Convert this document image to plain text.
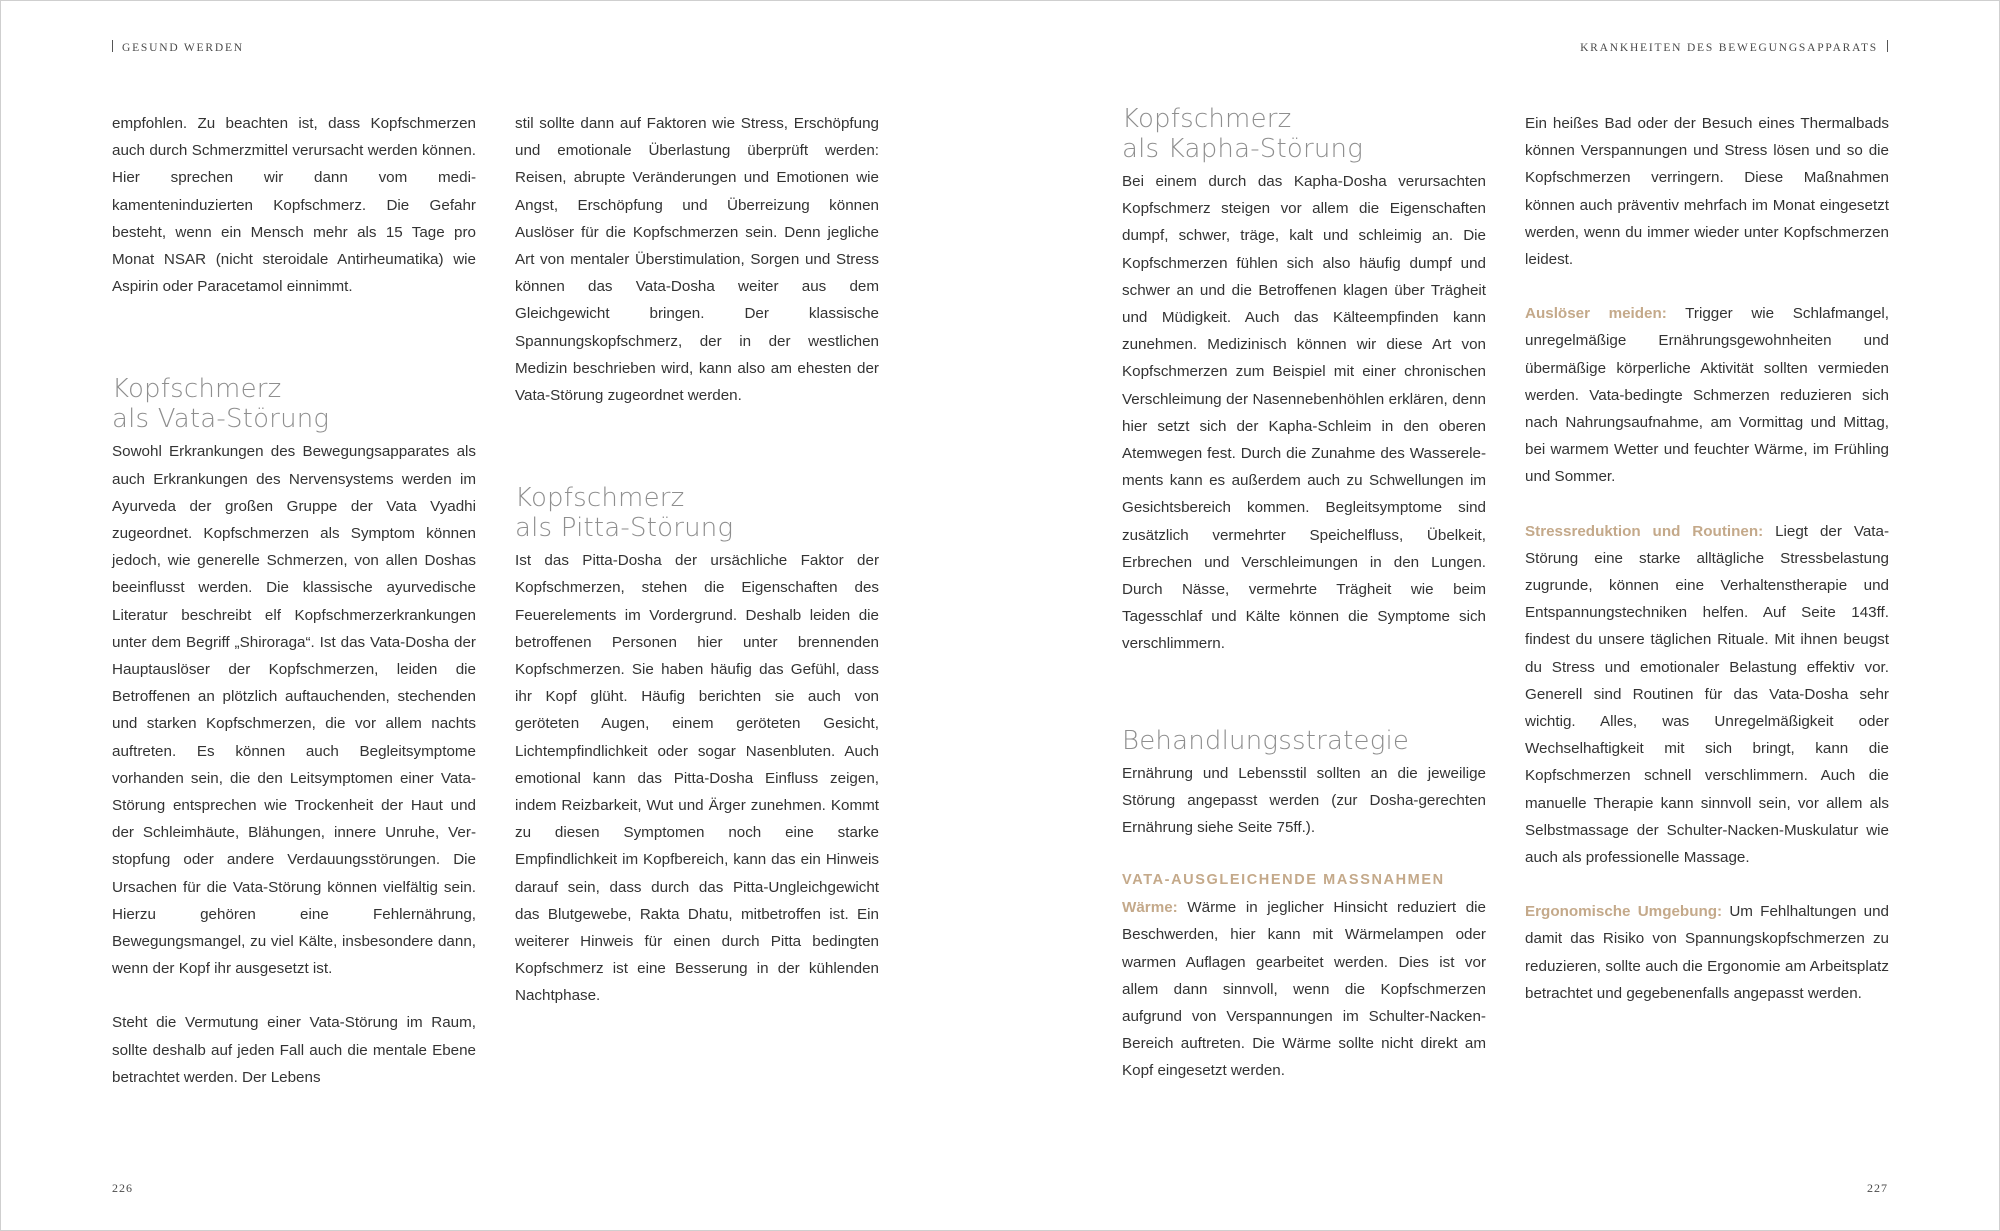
GESUND WERDEN	KRANKHEITEN DES BEWEGUNGSAPPARATS

empfohlen. Zu beachten ist, dass Kopfschmerzen auch durch Schmerzmittel verursacht werden können. Hier sprechen wir dann vom medikamenteninduzierten Kopfschmerz. Die Gefahr besteht, wenn ein Mensch mehr als 15 Tage pro Monat NSAR (nicht steroidale Antirheumatika) wie Aspirin oder Paracetamol einnimmt.

Kopfschmerz
als Vata-Störung

Sowohl Erkrankungen des Bewegungsapparates als auch Erkrankungen des Nervensystems werden im Ayurveda der großen Gruppe der Vata Vyadhi zugeordnet. Kopfschmerzen als Symptom können jedoch, wie generelle Schmerzen, von allen Doshas beeinflusst werden. Die klassische ayurvedische Literatur beschreibt elf Kopfschmerzerkrankungen unter dem Begriff „Shiroraga“. Ist das Vata-Dosha der Hauptauslöser der Kopfschmerzen, leiden die Betroffenen an plötzlich auftauchenden, stechenden und starken Kopfschmerzen, die vor allem nachts auftreten. Es können auch Begleitsymptome vorhanden sein, die den Leitsymptomen einer Vata-Störung entsprechen wie Trockenheit der Haut und der Schleimhäute, Blähungen, innere Unruhe, Verstopfung oder andere Verdauungsstörungen. Die Ursachen für die Vata-Störung können vielfältig sein. Hierzu gehören eine Fehlernährung, Bewegungsmangel, zu viel Kälte, insbesondere dann, wenn der Kopf ihr ausgesetzt ist.

Steht die Vermutung einer Vata-Störung im Raum, sollte deshalb auf jeden Fall auch die mentale Ebene betrachtet werden. Der Lebens

stil sollte dann auf Faktoren wie Stress, Erschöpfung und emotionale Überlastung überprüft werden: Reisen, abrupte Veränderungen und Emotionen wie Angst, Erschöpfung und Überreizung können Auslöser für die Kopfschmerzen sein. Denn jegliche Art von mentaler Überstimulation, Sorgen und Stress können das Vata-Dosha weiter aus dem Gleichgewicht bringen. Der klassische Spannungskopfschmerz, der in der westlichen Medizin beschrieben wird, kann also am ehesten der Vata-Störung zugeordnet werden.

Kopfschmerz
als Pitta-Störung

Ist das Pitta-Dosha der ursächliche Faktor der Kopfschmerzen, stehen die Eigenschaften des Feuerelements im Vordergrund. Deshalb leiden die betroffenen Personen hier unter brennenden Kopfschmerzen. Sie haben häufig das Gefühl, dass ihr Kopf glüht. Häufig berichten sie auch von geröteten Augen, einem geröteten Gesicht, Lichtempfindlichkeit oder sogar Nasenbluten. Auch emotional kann das Pitta-Dosha Einfluss zeigen, indem Reizbarkeit, Wut und Ärger zunehmen. Kommt zu diesen Symptomen noch eine starke Empfindlichkeit im Kopfbereich, kann das ein Hinweis darauf sein, dass durch das Pitta-Ungleichgewicht das Blutgewebe, Rakta Dhatu, mitbetroffen ist. Ein weiterer Hinweis für einen durch Pitta bedingten Kopfschmerz ist eine Besserung in der kühlenden Nachtphase.

Kopfschmerz
als Kapha-Störung

Bei einem durch das Kapha-Dosha verursachten Kopfschmerz steigen vor allem die Eigenschaften dumpf, schwer, träge, kalt und schleimig an. Die Kopfschmerzen fühlen sich also häufig dumpf und schwer an und die Betroffenen klagen über Trägheit und Müdigkeit. Auch das Kälteempfinden kann zunehmen. Medizinisch können wir diese Art von Kopfschmerzen zum Beispiel mit einer chronischen Verschleimung der Nasennebenhöhlen erklären, denn hier setzt sich der Kapha-Schleim in den oberen Atemwegen fest. Durch die Zunahme des Wasserelements kann es außerdem auch zu Schwellungen im Gesichtsbereich kommen. Begleitsymptome sind zusätzlich vermehrter Speichelfluss, Übelkeit, Erbrechen und Verschleimungen in den Lungen. Durch Nässe, vermehrte Trägheit wie beim Tagesschlaf und Kälte können die Symptome sich verschlimmern.

Behandlungsstrategie

Ernährung und Lebensstil sollten an die jeweilige Störung angepasst werden (zur Dosha-gerechten Ernährung siehe Seite 75ff.).

VATA-AUSGLEICHENDE MASSNAHMEN

Wärme: Wärme in jeglicher Hinsicht reduziert die Beschwerden, hier kann mit Wärmelampen oder warmen Auflagen gearbeitet werden. Dies ist vor allem dann sinnvoll, wenn die Kopfschmerzen aufgrund von Verspannungen im Schulter-Nacken-Bereich auftreten. Die Wärme sollte nicht direkt am Kopf eingesetzt werden.

Ein heißes Bad oder der Besuch eines Thermalbads können Verspannungen und Stress lösen und so die Kopfschmerzen verringern. Diese Maßnahmen können auch präventiv mehrfach im Monat eingesetzt werden, wenn du immer wieder unter Kopfschmerzen leidest.

Auslöser meiden: Trigger wie Schlafmangel, unregelmäßige Ernährungsgewohnheiten und übermäßige körperliche Aktivität sollten vermieden werden. Vata-bedingte Schmerzen reduzieren sich nach Nahrungsaufnahme, am Vormittag und Mittag, bei warmem Wetter und feuchter Wärme, im Frühling und Sommer.

Stressreduktion und Routinen: Liegt der Vata-Störung eine starke alltägliche Stressbelastung zugrunde, können eine Verhaltenstherapie und Entspannungstechniken helfen. Auf Seite 143ff. findest du unsere täglichen Rituale. Mit ihnen beugst du Stress und emotionaler Belastung effektiv vor. Generell sind Routinen für das Vata-Dosha sehr wichtig. Alles, was Unregelmäßigkeit oder Wechselhaftigkeit mit sich bringt, kann die Kopfschmerzen schnell verschlimmern. Auch die manuelle Therapie kann sinnvoll sein, vor allem als Selbstmassage der Schulter-Nacken-Muskulatur wie auch als professionelle Massage.

Ergonomische Umgebung: Um Fehlhaltungen und damit das Risiko von Spannungskopfschmerzen zu reduzieren, sollte auch die Ergonomie am Arbeitsplatz betrachtet und gegebenenfalls angepasst werden.

226	227
